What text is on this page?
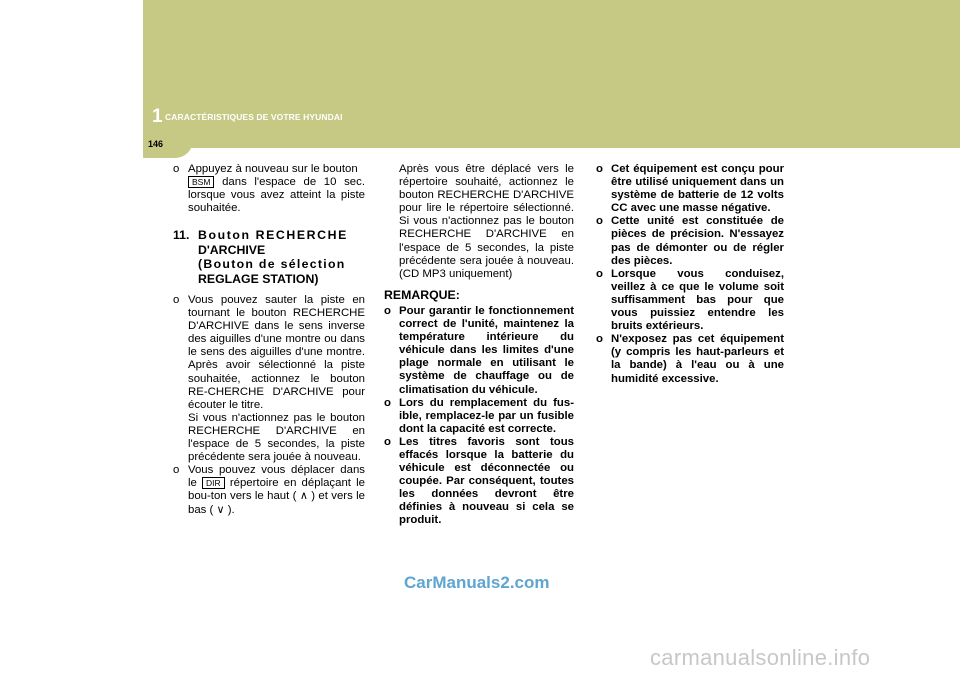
1 CARACTÉRISTIQUES DE VOTRE HYUNDAI
146
o Appuyez à nouveau sur le bouton
BSM dans l'espace de 10 sec. lorsque vous avez atteint la piste souhaitée.
11. Bouton RECHERCHE
D'ARCHIVE
(Bouton de sélection
REGLAGE STATION)
o Vous pouvez sauter la piste en tournant le bouton RECHERCHE D'ARCHIVE dans le sens inverse des aiguilles d'une montre ou dans le sens des aiguilles d'une montre. Après avoir sélectionné la piste souhaitée, actionnez le bouton RE-CHERCHE D'ARCHIVE pour écouter le titre.
Si vous n'actionnez pas le bouton RECHERCHE D'ARCHIVE en l'espace de 5 secondes, la piste précédente sera jouée à nouveau.
o Vous pouvez vous déplacer dans le DIR répertoire en déplaçant le bou-ton vers le haut ( ∧ ) et vers le bas ( ∨ ).
Après vous être déplacé vers le répertoire souhaité, actionnez le bouton RECHERCHE D'ARCHIVE pour lire le répertoire sélectionné. Si vous n'actionnez pas le bouton RECHERCHE D'ARCHIVE en l'espace de 5 secondes, la piste précédente sera jouée à nouveau. (CD MP3 uniquement)
REMARQUE:
o Pour garantir le fonctionnement correct de l'unité, maintenez la température intérieure du véhicule dans les limites d'une plage normale en utilisant le système de chauffage ou de climatisation du véhicule.
o Lors du remplacement du fus-ible, remplacez-le par un fusible dont la capacité est correcte.
o Les titres favoris sont tous effacés lorsque la batterie du véhicule est déconnectée ou coupée. Par conséquent, toutes les données devront être définies à nouveau si cela se produit.
o Cet équipement est conçu pour être utilisé uniquement dans un système de batterie de 12 volts CC avec une masse négative.
o Cette unité est constituée de pièces de précision. N'essayez pas de démonter ou de régler des pièces.
o Lorsque vous conduisez, veillez à ce que le volume soit suffisamment bas pour que vous puissiez entendre les bruits extérieurs.
o N'exposez pas cet équipement (y compris les haut-parleurs et la bande) à l'eau ou à une humidité excessive.
CarManuals2.com
carmanualsonline.info
